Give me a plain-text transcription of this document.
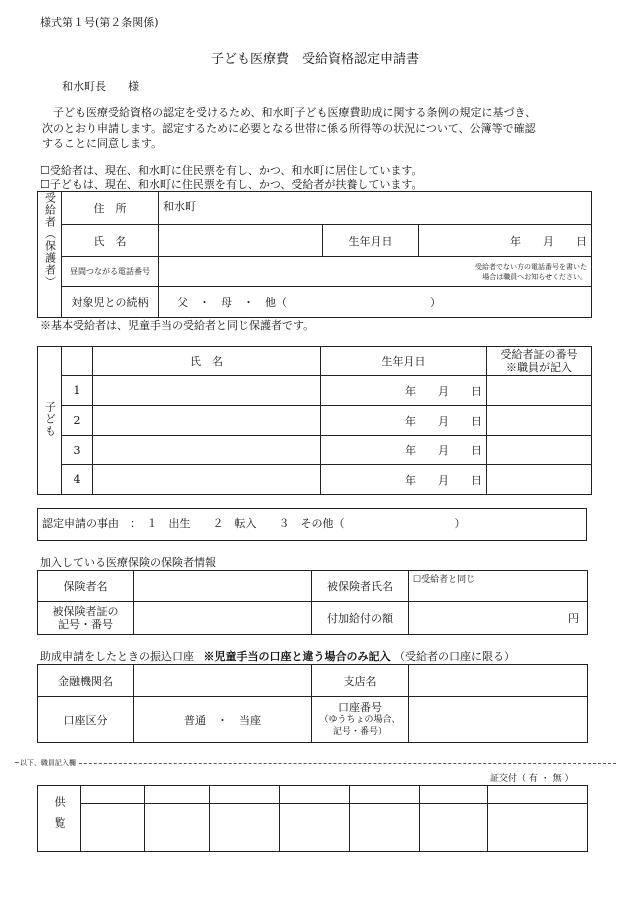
様式第１号(第２条関係)
子ども医療費　受給資格認定申請書
和水町長　　様
　子ども医療受給資格の認定を受けるため、和水町子ども医療費助成に関する条例の規定に基づき、
次のとおり申請します。認定するために必要となる世帯に係る所得等の状況について、公簿等で確認
することに同意します。
☐受給者は、現在、和水町に住民票を有し、かつ、和水町に居住しています。
☐子どもは、現在、和水町に住民票を有し、かつ、受給者が扶養しています。
受給者（保護者）	住　所	和水町		
	氏　名		生年月日	年　　月　　日
	昼間つながる電話番号	受給者でない方の電話番号を書いた
場合は職員へお知らせください。		

	対象児との続柄	父　・　母　・　他（　　　　　　　　　　　　　）		
※基本受給者は、児童手当の受給者と同じ保護者です。
子ども		氏　名	生年月日	受給者証の番号
※職員が記入

	1		年　　月　　日	
	2		年　　月　　日	
	3		年　　月　　日	
	4		年　　月　　日	
認定申請の事由　：　１　出生　　２　転入　　３　その他（　　　　　　　　　　）
加入している医療保険の保険者情報
保険者名		被保険者氏名	☐受給者と同じ

被保険者証の
記号・番号		付加給付の額	円
助成申請をしたときの振込口座 ※児童手当の口座と違う場合のみ記入 （受給者の口座に限る）
金融機関名		支店名	
口座区分	普通　・　当座	口座番号
（ゆうちょの場合、
記号・番号）	

~以下、職員記入欄
証交付（ 有 ・ 無 ）
供覧							
